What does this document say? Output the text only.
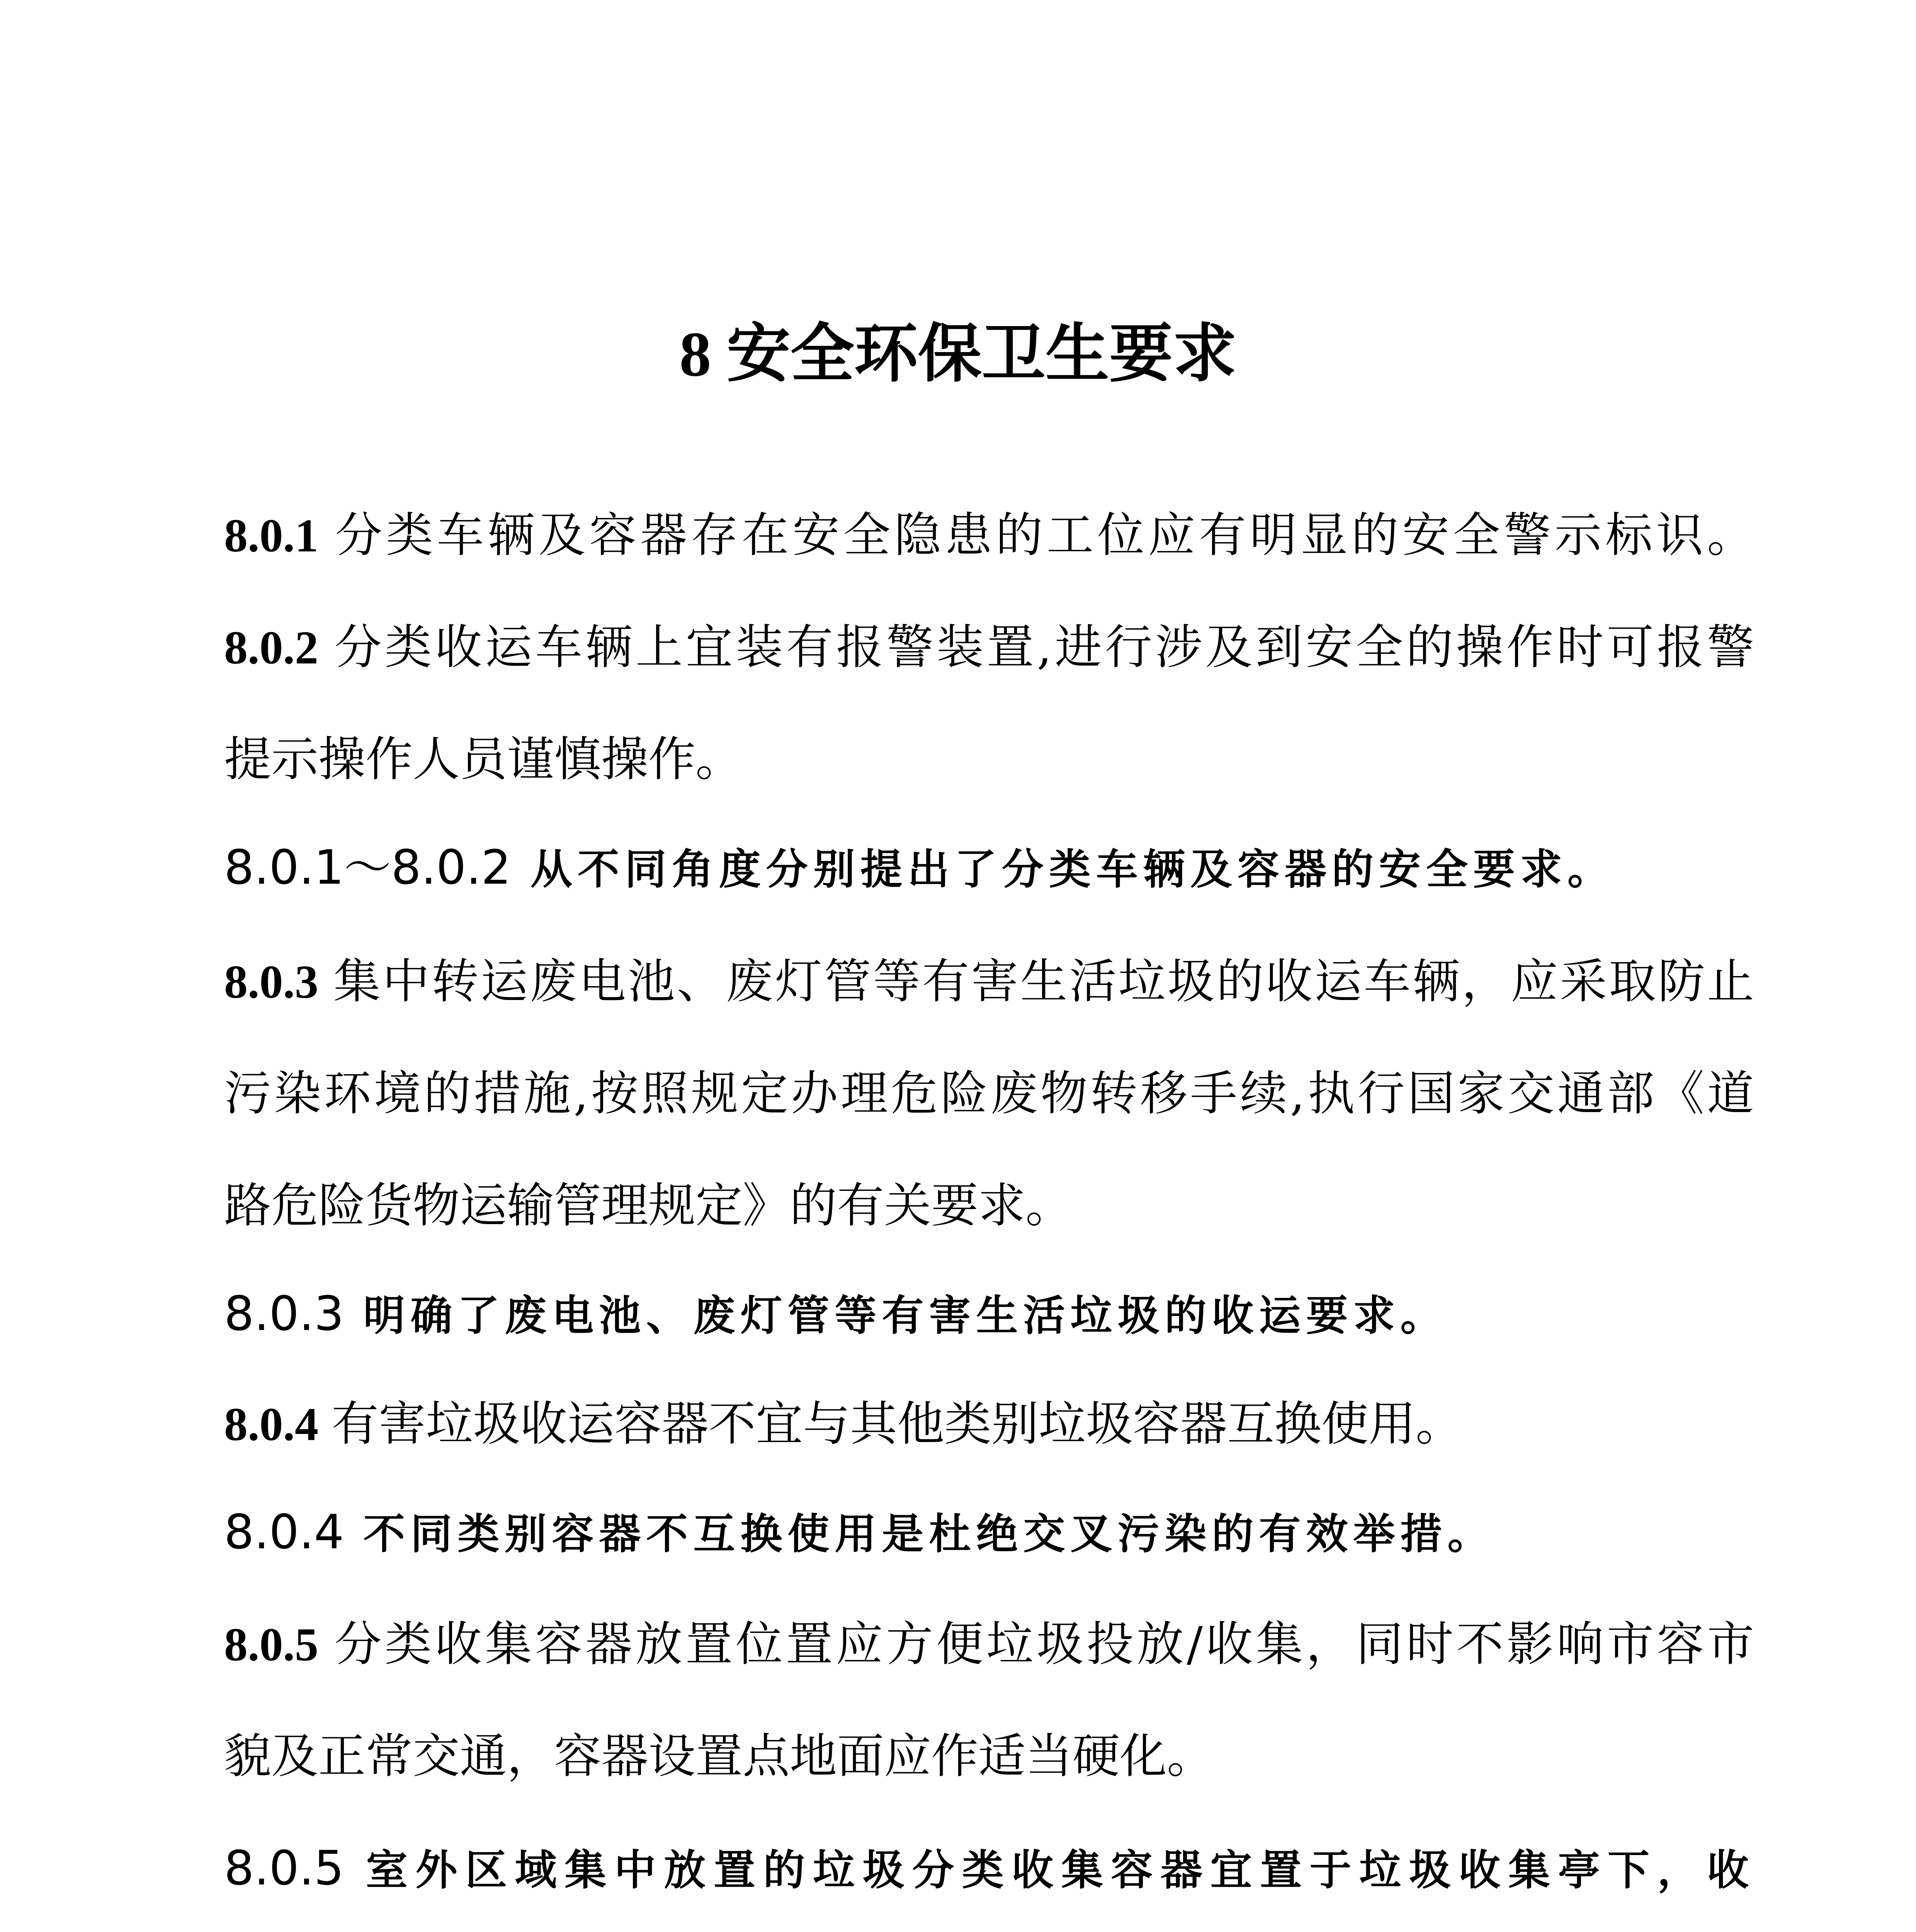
8 安全环保卫生要求
8.0.1 分类车辆及容器存在安全隐患的工位应有明显的安全警示标识。
8.0.2 分类收运车辆上宜装有报警装置,进行涉及到安全的操作时可报警
提示操作人员谨慎操作。
8.0.1～8.0.2 从不同角度分别提出了分类车辆及容器的安全要求。
8.0.3 集中转运废电池、废灯管等有害生活垃圾的收运车辆，应采取防止
污染环境的措施,按照规定办理危险废物转移手续,执行国家交通部《道
路危险货物运输管理规定》的有关要求。
8.0.3 明确了废电池、废灯管等有害生活垃圾的收运要求。
8.0.4 有害垃圾收运容器不宜与其他类别垃圾容器互换使用。
8.0.4 不同类别容器不互换使用是杜绝交叉污染的有效举措。
8.0.5 分类收集容器放置位置应方便垃圾投放/收集，同时不影响市容市
貌及正常交通，容器设置点地面应作适当硬化。
8.0.5 室外区域集中放置的垃圾分类收集容器宜置于垃圾收集亭下，收
